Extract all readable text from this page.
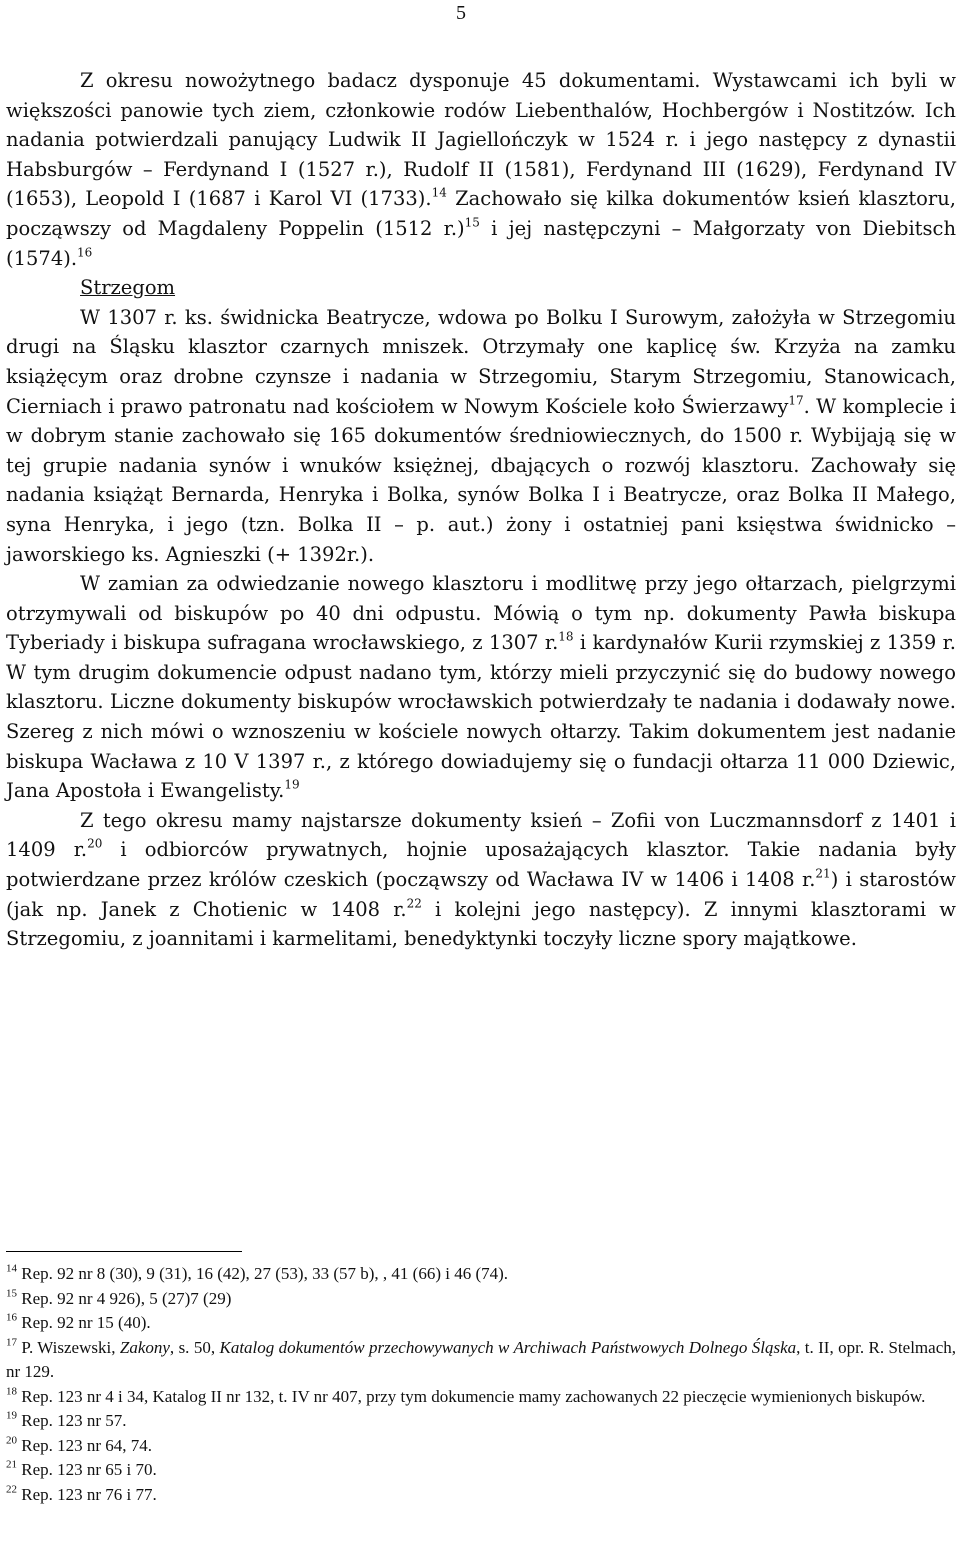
5

Z okresu nowożytnego badacz dysponuje 45 dokumentami. Wystawcami ich byli w większości panowie tych ziem, członkowie rodów Liebenthalów, Hochbergów i Nostitzów. Ich nadania potwierdzali panujący Ludwik II Jagiellończyk w 1524 r. i jego następcy z dynastii Habsburgów – Ferdynand I (1527 r.), Rudolf II (1581), Ferdynand III (1629), Ferdynand IV (1653), Leopold I (1687 i Karol VI (1733).$^{14}$ Zachowało się kilka dokumentów ksień klasztoru, począwszy od Magdaleny Poppelin (1512 r.)$^{15}$ i jej następczyni – Małgorzaty von Diebitsch (1574).$^{16}$

Strzegom

W 1307 r. ks. świdnicka Beatrycze, wdowa po Bolku I Surowym, założyła w Strzegomiu drugi na Śląsku klasztor czarnych mniszek. Otrzymały one kaplicę św. Krzyża na zamku książęcym oraz drobne czynsze i nadania w Strzegomiu, Starym Strzegomiu, Stanowicach, Cierniach i prawo patronatu nad kościołem w Nowym Kościele koło Świerzawy$^{17}$. W komplecie i w dobrym stanie zachowało się 165 dokumentów średniowiecznych, do 1500 r. Wybijają się w tej grupie nadania synów i wnuków księżnej, dbających o rozwój klasztoru. Zachowały się nadania książąt Bernarda, Henryka i Bolka, synów Bolka I i Beatrycze, oraz Bolka II Małego, syna Henryka, i jego (tzn. Bolka II – p. aut.) żony i ostatniej pani księstwa świdnicko – jaworskiego ks. Agnieszki (+ 1392r.).

W zamian za odwiedzanie nowego klasztoru i modlitwę przy jego ołtarzach, pielgrzymi otrzymywali od biskupów po 40 dni odpustu. Mówią o tym np. dokumenty Pawła biskupa Tyberiady i biskupa sufragana wrocławskiego, z 1307 r.$^{18}$ i kardynałów Kurii rzymskiej z 1359 r. W tym drugim dokumencie odpust nadano tym, którzy mieli przyczynić się do budowy nowego klasztoru. Liczne dokumenty biskupów wrocławskich potwierdzały te nadania i dodawały nowe. Szereg z nich mówi o wznoszeniu w kościele nowych ołtarzy. Takim dokumentem jest nadanie biskupa Wacława z 10 V 1397 r., z którego dowiadujemy się o fundacji ołtarza 11 000 Dziewic, Jana Apostoła i Ewangelisty.$^{19}$

Z tego okresu mamy najstarsze dokumenty ksień – Zofii von Luczmannsdorf z 1401 i 1409 r.$^{20}$ i odbiorców prywatnych, hojnie uposażających klasztor. Takie nadania były potwierdzane przez królów czeskich (począwszy od Wacława IV w 1406 i 1408 r.$^{21}$) i starostów (jak np. Janek z Chotienic w 1408 r.$^{22}$ i kolejni jego następcy). Z innymi klasztorami w Strzegomiu, z joannitami i karmelitami, benedyktynki toczyły liczne spory majątkowe.

$^{14}$ Rep. 92 nr 8 (30), 9 (31), 16 (42), 27 (53), 33 (57 b), , 41 (66) i 46 (74).

$^{15}$ Rep. 92 nr 4 926), 5 (27)7 (29)

$^{16}$ Rep. 92 nr 15 (40).

$^{17}$ P. Wiszewski, Zakony, s. 50, Katalog dokumentów przechowywanych w Archiwach Państwowych Dolnego Śląska, t. II, opr. R. Stelmach, nr 129.

$^{18}$ Rep. 123 nr 4 i 34, Katalog II nr 132, t. IV nr 407, przy tym dokumencie mamy zachowanych 22 pieczęcie wymienionych biskupów.

$^{19}$ Rep. 123 nr 57.

$^{20}$ Rep. 123 nr 64, 74.

$^{21}$ Rep. 123 nr 65 i 70.

$^{22}$ Rep. 123 nr 76 i 77.
